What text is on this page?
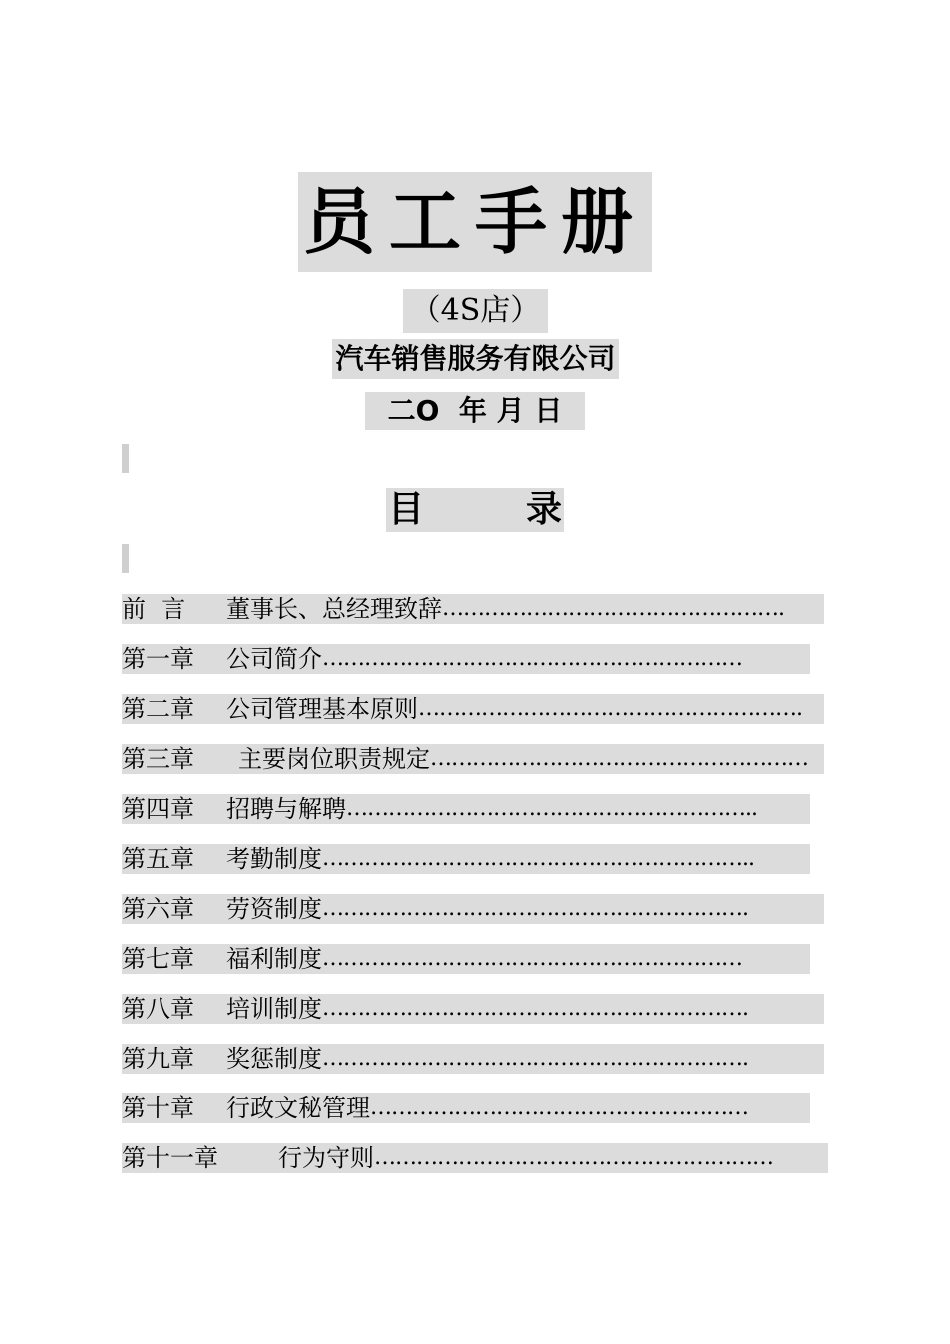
员工手册
（4S店）
汽车销售服务有限公司
二O  年 月 日
目	录
前  言	董事长、总经理致辞 ………………………………………….
第一章	公司简介 ……………………………………………………
第二章	公司管理基本原则 ……………………………………………….
第三章	主要岗位职责规定 ………………………………………………
第四章	招聘与解聘 …………………………………………………..
第五章	考勤制度 ……………………………………………………..
第六章	劳资制度 …………………………………………………….
第七章	福利制度 ……………………………………………………
第八章	培训制度 …………………………………………………….
第九章	奖惩制度 …………………………………………………….
第十章	行政文秘管理 ………………………………………………
第十一章	行为守则 …………………………………………………
